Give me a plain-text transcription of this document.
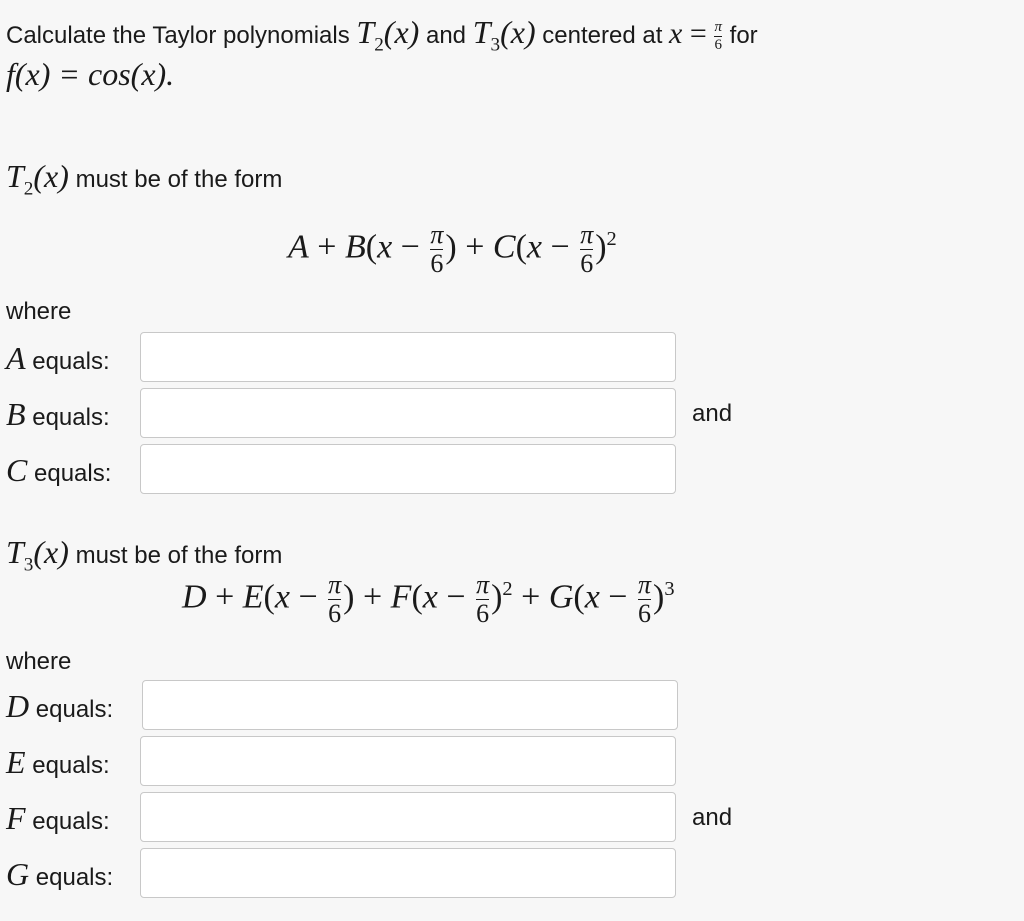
Calculate the Taylor polynomials $T_2(x)$ and $T_3(x)$ centered at $x = \frac{\pi}{6}$ for
f(x) = cos(x).
$T_2(x)$ must be of the form
$A + B(x - \frac{\pi}{6}$ ) + $C(x - \frac{\pi}{6} )^2$
where
A equals:
B equals:	and
C equals:
$T_3(x)$ must be of the form
$D + E(x - \frac{\pi}{6}$ ) + $F(x - \frac{\pi}{6} )^2 + G(x - \frac{\pi}{6} )^3$
where
D equals:
E equals:
F equals:	and
G equals:
